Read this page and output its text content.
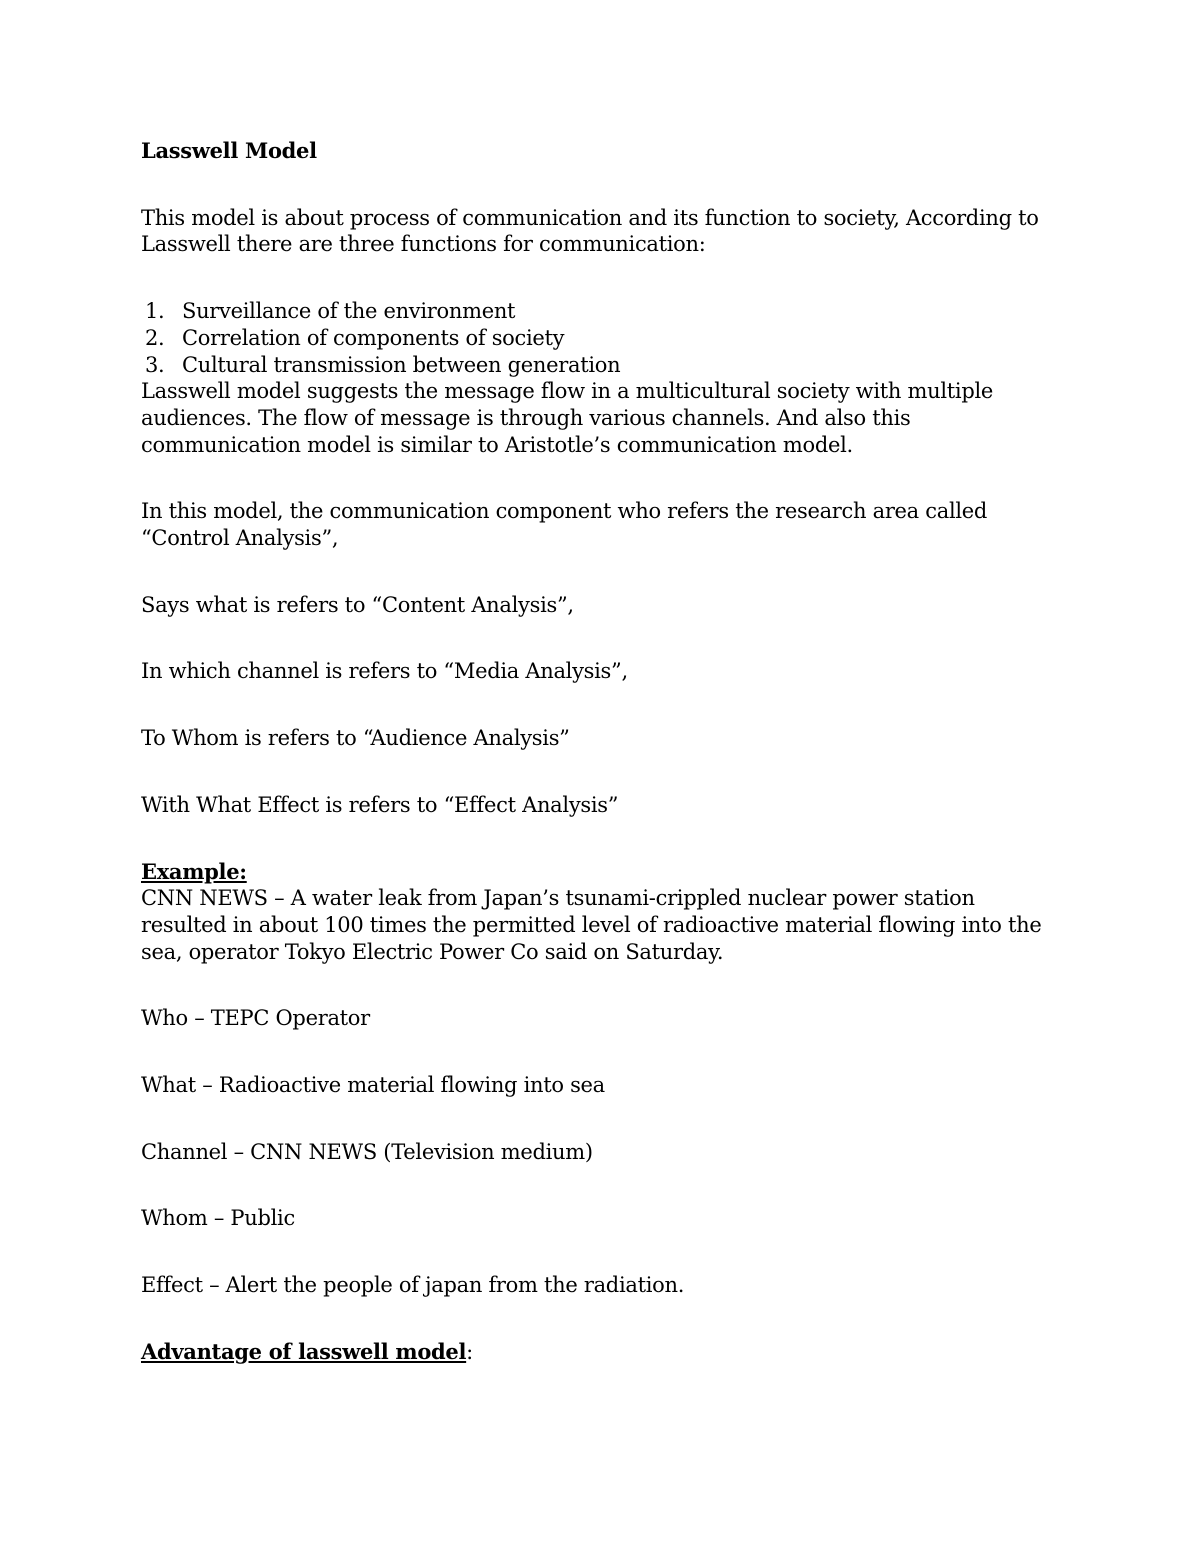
Lasswell Model

This model is about process of communication and its function to society, According to Lasswell there are three functions for communication:

1. Surveillance of the environment
2. Correlation of components of society
3. Cultural transmission between generation

Lasswell model suggests the message flow in a multicultural society with multiple audiences. The flow of message is through various channels. And also this communication model is similar to Aristotle’s communication model.

In this model, the communication component who refers the research area called “Control Analysis”,

Says what is refers to “Content Analysis”,

In which channel is refers to “Media Analysis”,

To Whom is refers to “Audience Analysis”

With What Effect is refers to “Effect Analysis”

Example:

CNN NEWS – A water leak from Japan’s tsunami-crippled nuclear power station resulted in about 100 times the permitted level of radioactive material flowing into the sea, operator Tokyo Electric Power Co said on Saturday.

Who – TEPC Operator

What – Radioactive material flowing into sea

Channel – CNN NEWS (Television medium)

Whom – Public

Effect – Alert the people of japan from the radiation.

Advantage of lasswell model:
